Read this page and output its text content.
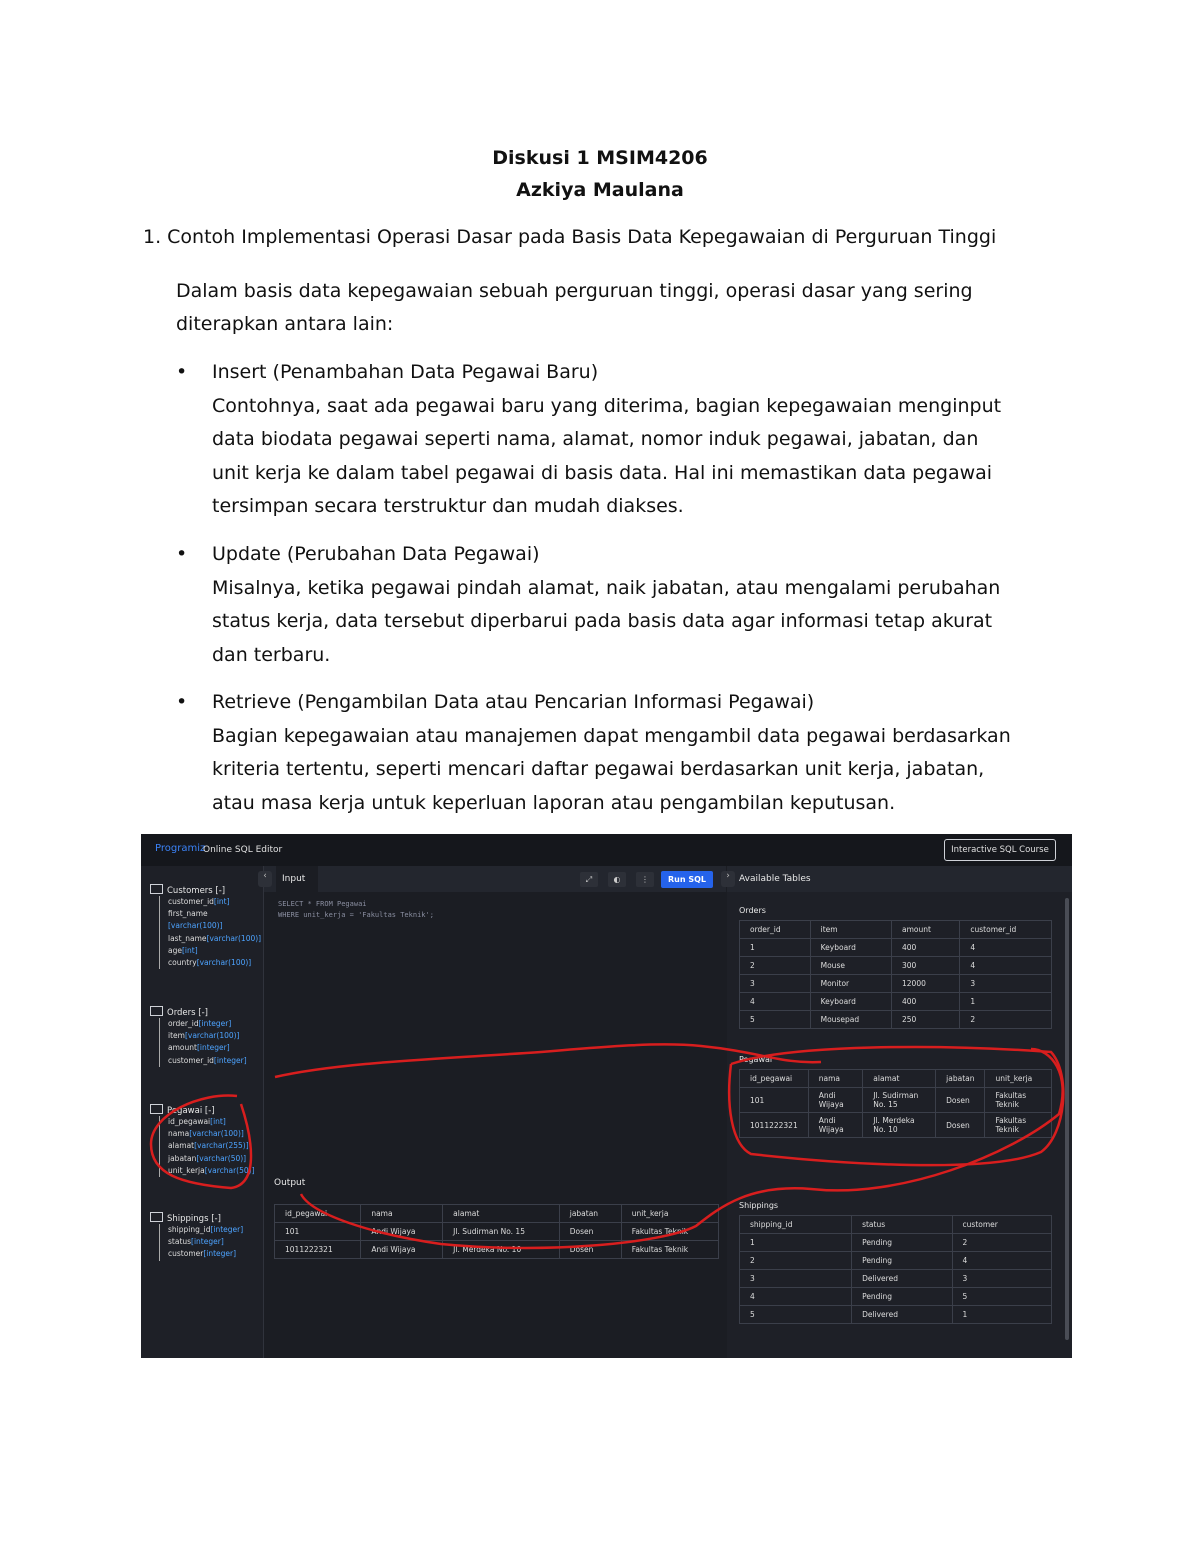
Diskusi 1 MSIM4206
Azkiya Maulana
1. Contoh Implementasi Operasi Dasar pada Basis Data Kepegawaian di Perguruan Tinggi
Dalam basis data kepegawaian sebuah perguruan tinggi, operasi dasar yang sering
diterapkan antara lain:
• Insert (Penambahan Data Pegawai Baru)
Contohnya, saat ada pegawai baru yang diterima, bagian kepegawaian menginput
data biodata pegawai seperti nama, alamat, nomor induk pegawai, jabatan, dan
unit kerja ke dalam tabel pegawai di basis data. Hal ini memastikan data pegawai
tersimpan secara terstruktur dan mudah diakses.
• Update (Perubahan Data Pegawai)
Misalnya, ketika pegawai pindah alamat, naik jabatan, atau mengalami perubahan
status kerja, data tersebut diperbarui pada basis data agar informasi tetap akurat
dan terbaru.
• Retrieve (Pengambilan Data atau Pencarian Informasi Pegawai)
Bagian kepegawaian atau manajemen dapat mengambil data pegawai berdasarkan
kriteria tertentu, seperti mencari daftar pegawai berdasarkan unit kerja, jabatan,
atau masa kerja untuk keperluan laporan atau pengambilan keputusan.
Programiz
Online SQL Editor	Interactive SQL Course
Customers [-]
customer_id[int]
first_name
[varchar(100)]
last_name[varchar(100)]
age[int]
country[varchar(100)]
Orders [-]
order_id[integer]
item[varchar(100)]
amount[integer]
customer_id[integer]
Pegawai [-]
id_pegawai[int]
nama[varchar(100)]
alamat[varchar(255)]
jabatan[varchar(50)]
unit_kerja[varchar(50)]
Shippings [-]
shipping_id[integer]
status[integer]
customer[integer]
‹	Input	⤢	◐	⋮	Run SQL
SELECT * FROM Pegawai
WHERE unit_kerja = 'Fakultas Teknik';
Output
id_pegawai	nama	alamat	jabatan	unit_kerja
101	Andi Wijaya	Jl. Sudirman No. 15	Dosen	Fakultas Teknik
1011222321	Andi Wijaya	Jl. Merdeka No. 10	Dosen	Fakultas Teknik
›	Available Tables
Orders
order_id	item	amount	customer_id
1	Keyboard	400	4
2	Mouse	300	4
3	Monitor	12000	3
4	Keyboard	400	1
5	Mousepad	250	2
Pegawai
id_pegawai	nama	alamat	jabatan	unit_kerja
101	Andi Wijaya	Jl. Sudirman No. 15	Dosen	Fakultas Teknik
1011222321	Andi Wijaya	Jl. Merdeka No. 10	Dosen	Fakultas Teknik
Shippings
shipping_id	status	customer
1	Pending	2
2	Pending	4
3	Delivered	3
4	Pending	5
5	Delivered	1
